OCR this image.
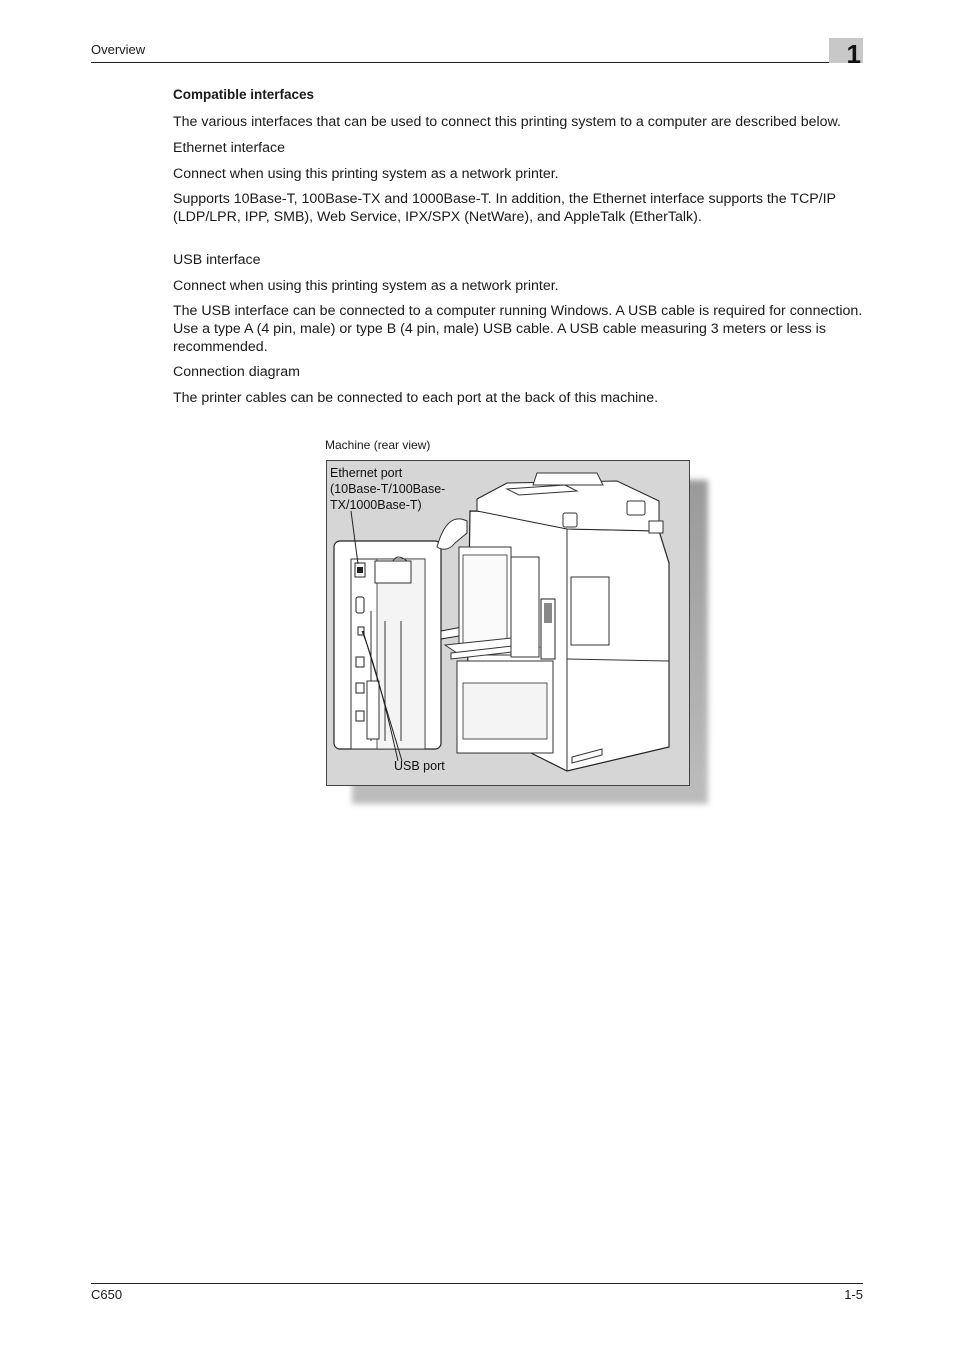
Overview	1

Compatible interfaces

The various interfaces that can be used to connect this printing system to a computer are described below.

Ethernet interface

Connect when using this printing system as a network printer.

Supports 10Base-T, 100Base-TX and 1000Base-T. In addition, the Ethernet interface supports the TCP/IP (LDP/LPR, IPP, SMB), Web Service, IPX/SPX (NetWare), and AppleTalk (EtherTalk).

USB interface

Connect when using this printing system as a network printer.

The USB interface can be connected to a computer running Windows. A USB cable is required for connection. Use a type A (4 pin, male) or type B (4 pin, male) USB cable. A USB cable measuring 3 meters or less is recommended.

Connection diagram

The printer cables can be connected to each port at the back of this machine.

Machine (rear view)
Ethernet port
(10Base-T/100Base-
TX/1000Base-T)
USB port
C650	1-5
